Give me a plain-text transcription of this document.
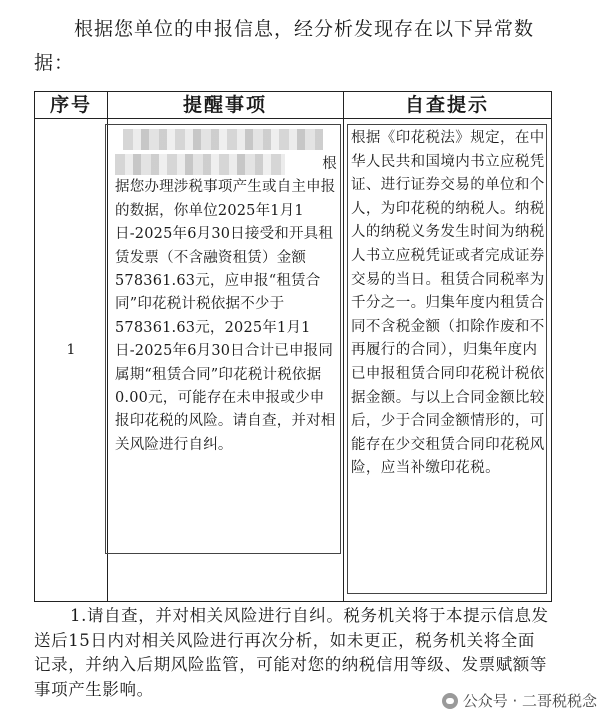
根据您单位的申报信息，经分析发现存在以下异常数据：

序号	提醒事项	自查提示
1
根
据您办理涉税事项产生或自主申报的数据，你单位2025年1月1日-2025年6月30日接受和开具租赁发票（不含融资租赁）金额578361.63元，应申报“租赁合同”印花税计税依据不少于578361.63元，2025年1月1日-2025年6月30日合计已申报同属期“租赁合同”印花税计税依据0.00元，可能存在未申报或少申报印花税的风险。请自查，并对相关风险进行自纠。
根据《印花税法》规定，在中华人民共和国境内书立应税凭证、进行证券交易的单位和个人，为印花税的纳税人。纳税人的纳税义务发生时间为纳税人书立应税凭证或者完成证券交易的当日。租赁合同税率为千分之一。归集年度内租赁合同不含税金额（扣除作废和不再履行的合同），归集年度内已申报租赁合同印花税计税依据金额。与以上合同金额比较后，少于合同金额情形的，可能存在少交租赁合同印花税风险，应当补缴印花税。

1.请自查，并对相关风险进行自纠。税务机关将于本提示信息发送后15日内对相关风险进行再次分析，如未更正，税务机关将全面记录，并纳入后期风险监管，可能对您的纳税信用等级、发票赋额等事项产生影响。

公众号 · 二哥税税念
